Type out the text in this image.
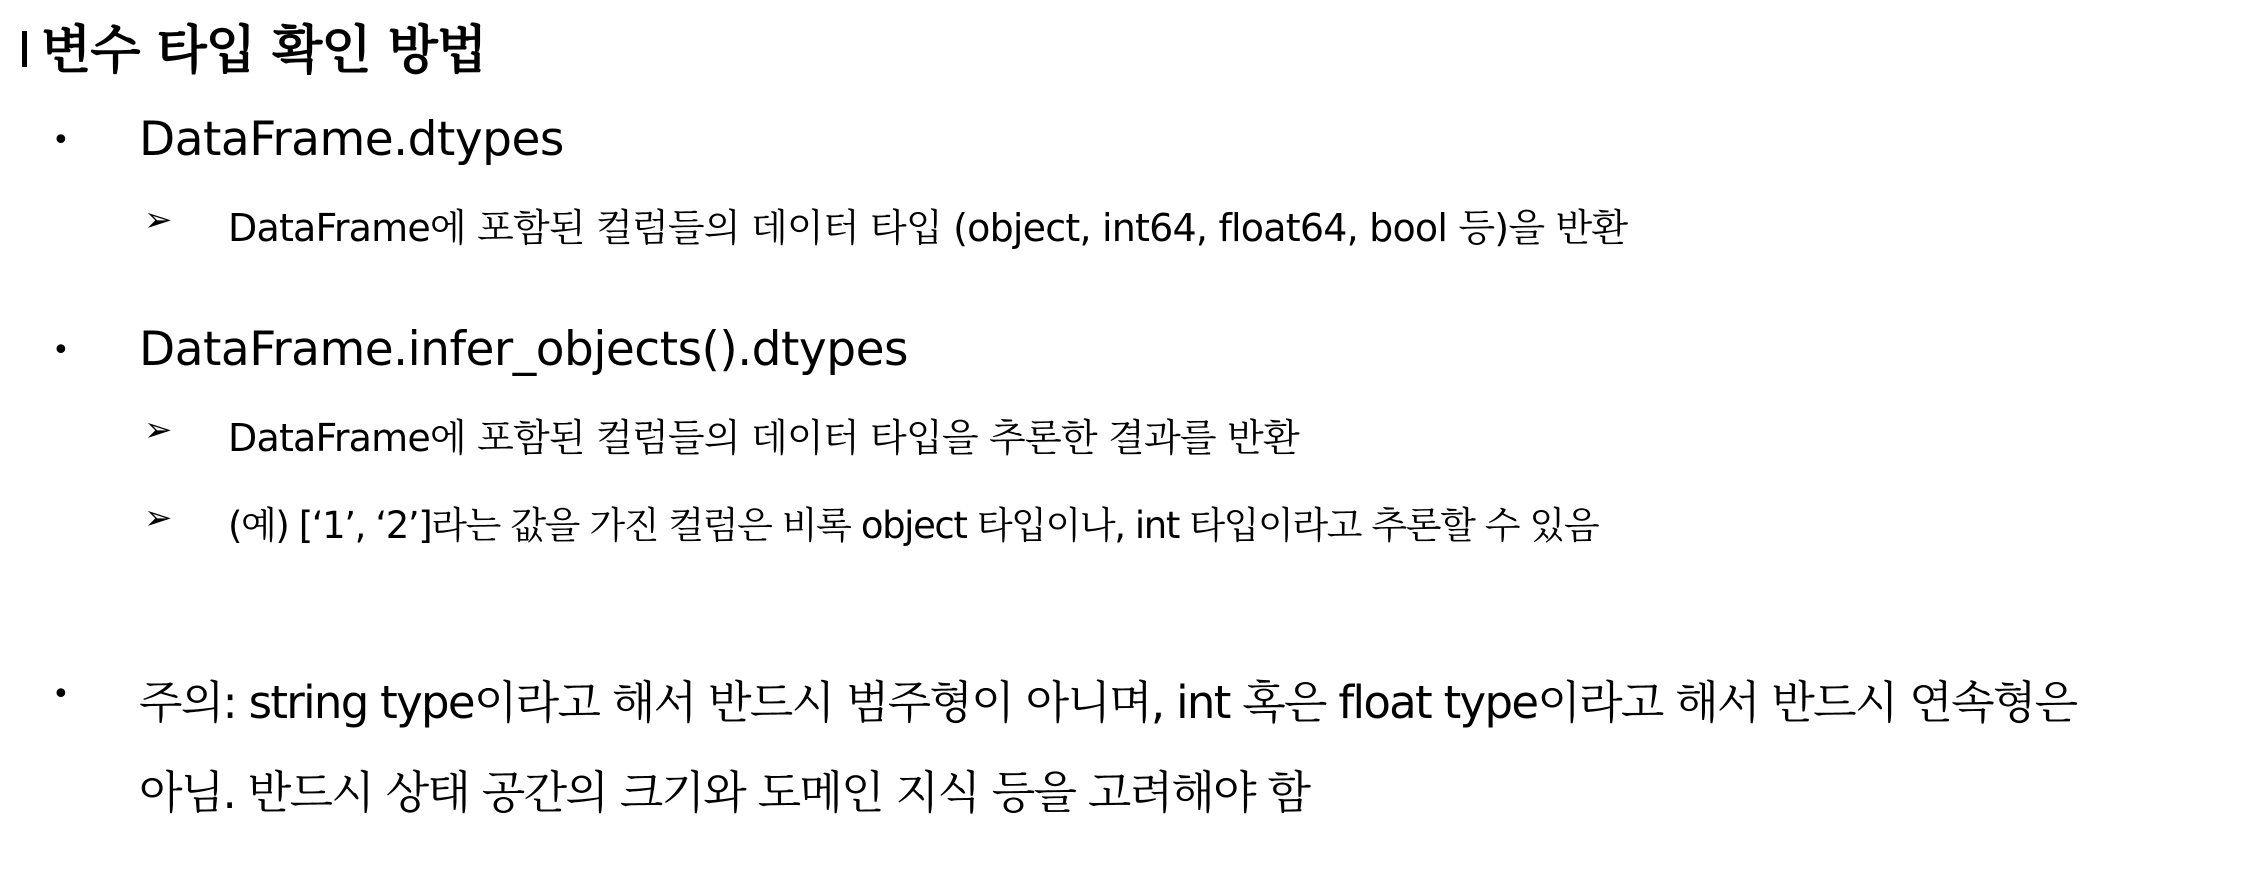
변수 타입 확인 방법
• DataFrame.dtypes
➢ DataFrame에 포함된 컬럼들의 데이터 타입 (object, int64, float64, bool 등)을 반환
• DataFrame.infer_objects().dtypes
➢ DataFrame에 포함된 컬럼들의 데이터 타입을 추론한 결과를 반환
➢ (예) [‘1’, ‘2’]라는 값을 가진 컬럼은 비록 object 타입이나, int 타입이라고 추론할 수 있음
• 주의: string type이라고 해서 반드시 범주형이 아니며, int 혹은 float type이라고 해서 반드시 연속형은
아님. 반드시 상태 공간의 크기와 도메인 지식 등을 고려해야 함
